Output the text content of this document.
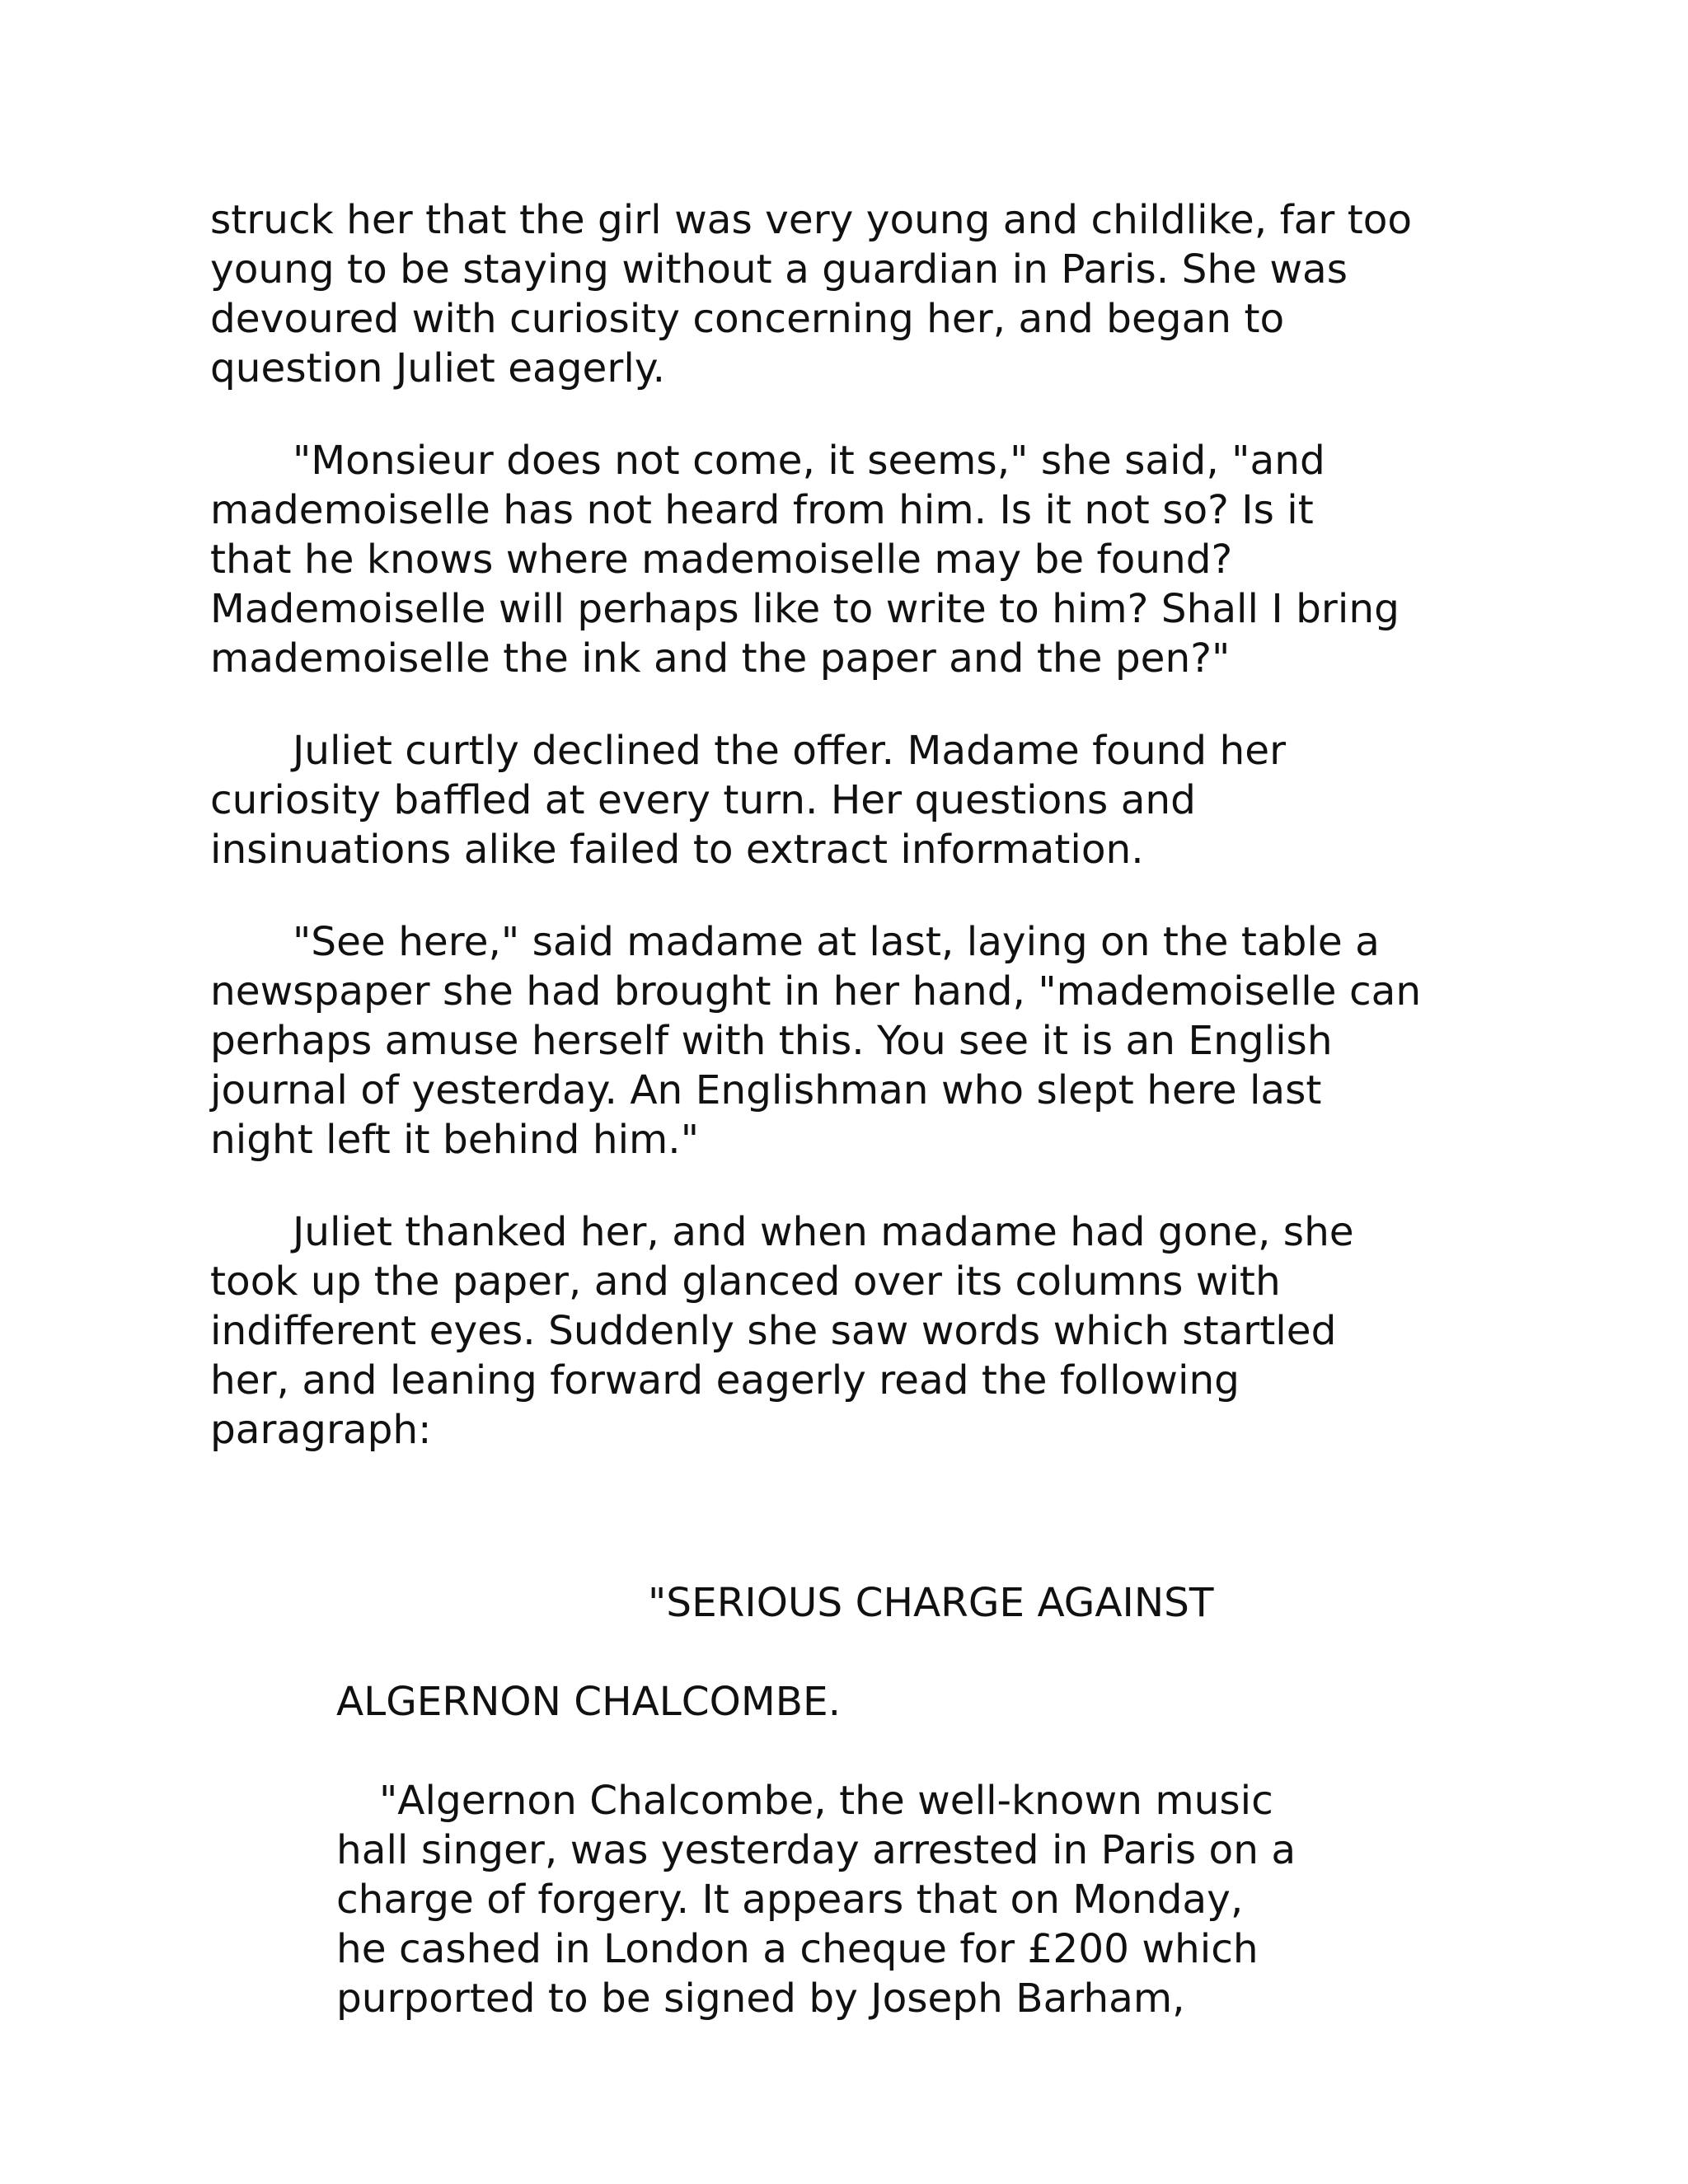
struck her that the girl was very young and childlike, far too
young to be staying without a guardian in Paris. She was
devoured with curiosity concerning her, and began to
question Juliet eagerly.

"Monsieur does not come, it seems," she said, "and
mademoiselle has not heard from him. Is it not so? Is it
that he knows where mademoiselle may be found?
Mademoiselle will perhaps like to write to him? Shall I bring
mademoiselle the ink and the paper and the pen?"

Juliet curtly declined the offer. Madame found her
curiosity baffled at every turn. Her questions and
insinuations alike failed to extract information.

"See here," said madame at last, laying on the table a
newspaper she had brought in her hand, "mademoiselle can
perhaps amuse herself with this. You see it is an English
journal of yesterday. An Englishman who slept here last
night left it behind him."

Juliet thanked her, and when madame had gone, she
took up the paper, and glanced over its columns with
indifferent eyes. Suddenly she saw words which startled
her, and leaning forward eagerly read the following
paragraph:

"SERIOUS CHARGE AGAINST

ALGERNON CHALCOMBE.

"Algernon Chalcombe, the well-known music
hall singer, was yesterday arrested in Paris on a
charge of forgery. It appears that on Monday,
he cashed in London a cheque for £200 which
purported to be signed by Joseph Barham,
